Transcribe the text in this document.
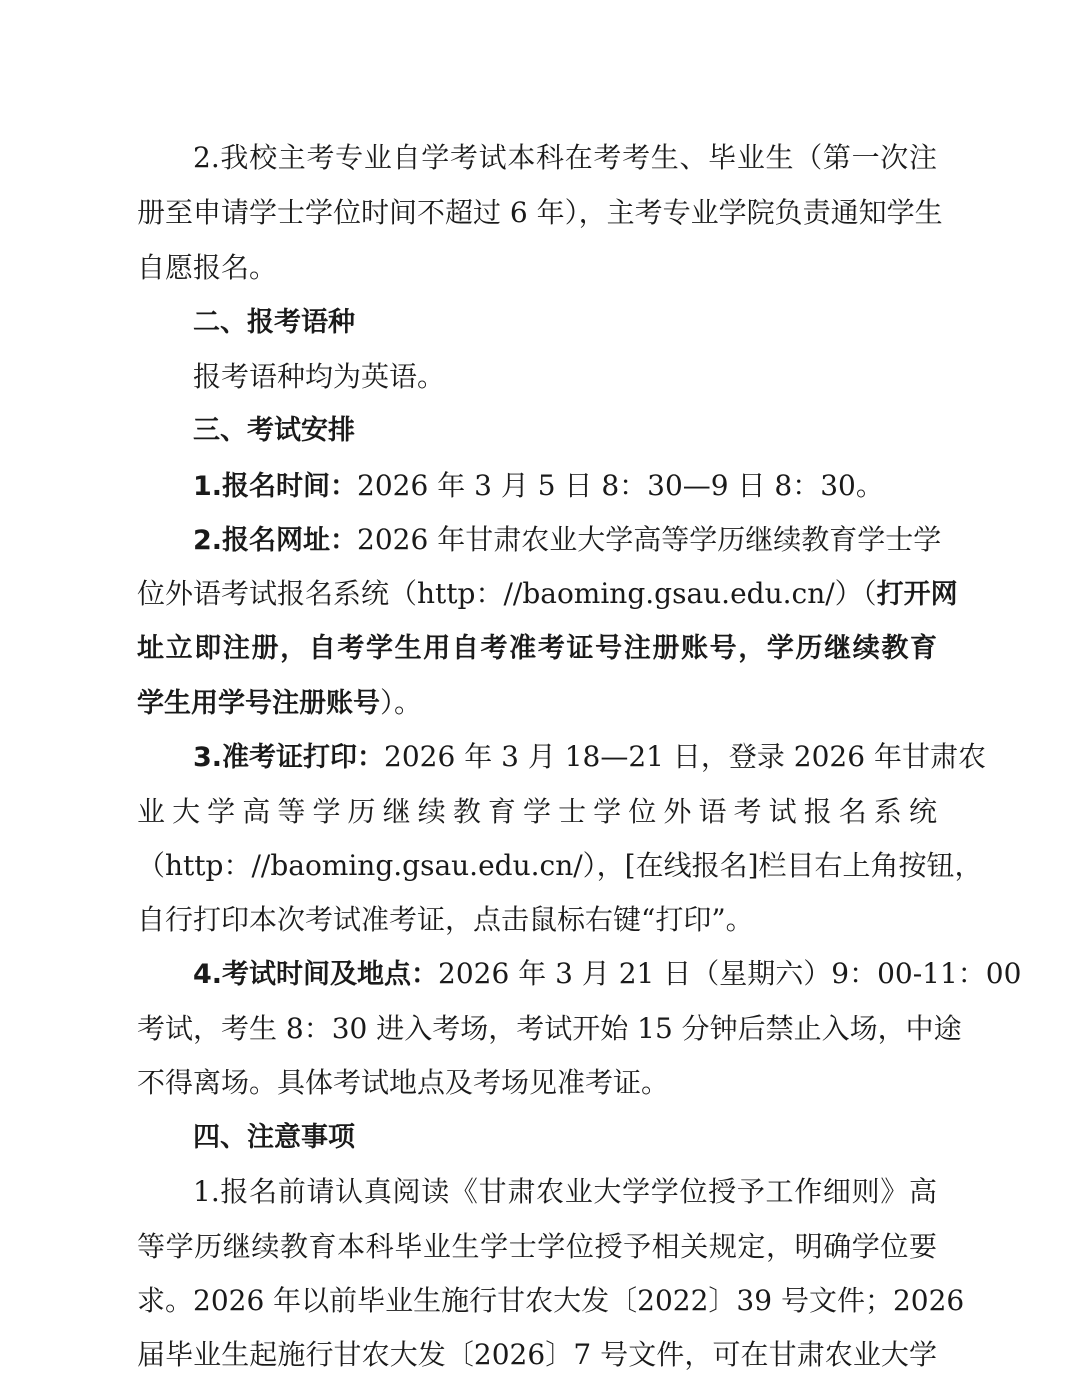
2.我校主考专业自学考试本科在考考生、毕业生（第一次注
册至申请学士学位时间不超过 6 年），主考专业学院负责通知学生
自愿报名。
二、报考语种
报考语种均为英语。
三、考试安排
1.报名时间：2026 年 3 月 5 日 8：30—9 日 8：30。
2.报名网址：2026 年甘肃农业大学高等学历继续教育学士学
位外语考试报名系统（http：//baoming.gsau.edu.cn/）（打开网
址立即注册，自考学生用自考准考证号注册账号，学历继续教育
学生用学号注册账号）。
3.准考证打印：2026 年 3 月 18—21 日，登录 2026 年甘肃农
业大学高等学历继续教育学士学位外语考试报名系统
（http：//baoming.gsau.edu.cn/），[在线报名]栏目右上角按钮，
自行打印本次考试准考证，点击鼠标右键“打印”。
4.考试时间及地点：2026 年 3 月 21 日（星期六）9：00-11：00
考试，考生 8：30 进入考场，考试开始 15 分钟后禁止入场，中途
不得离场。具体考试地点及考场见准考证。
四、注意事项
1.报名前请认真阅读《甘肃农业大学学位授予工作细则》高
等学历继续教育本科毕业生学士学位授予相关规定，明确学位要
求。2026 年以前毕业生施行甘农大发〔2022〕39 号文件；2026
届毕业生起施行甘农大发〔2026〕7 号文件，可在甘肃农业大学
